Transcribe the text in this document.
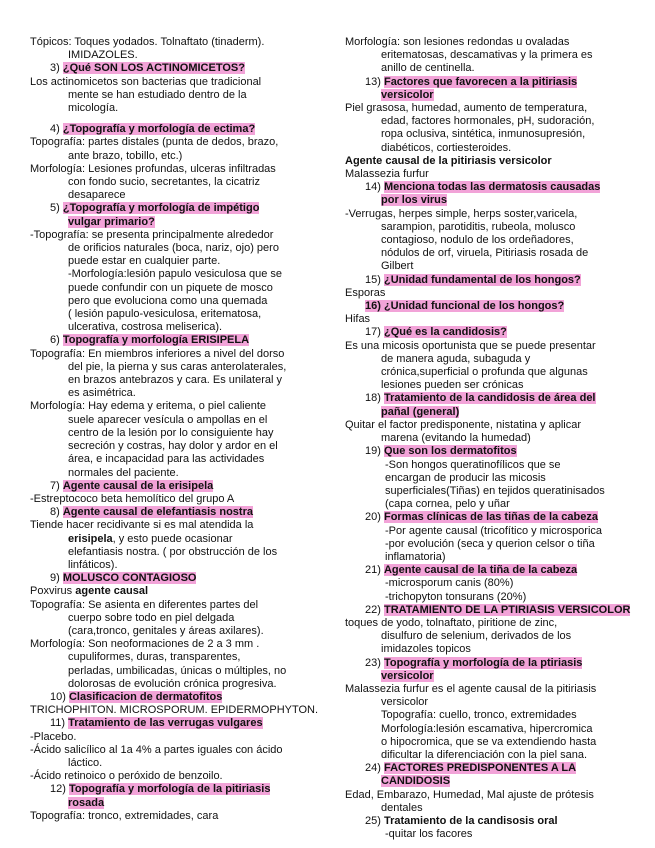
Tópicos: Toques yodados. Tolnaftato (tinaderm).
IMIDAZOLES.
3) ¿Qué SON LOS ACTINOMICETOS?
Los actinomicetos son bacterias que tradicional
mente se han estudiado dentro de la
micología.
4) ¿Topografía y morfología de ectima?
Topografía: partes distales (punta de dedos, brazo,
ante brazo, tobillo, etc.)
Morfología: Lesiones profundas, ulceras infiltradas
con fondo sucio, secretantes, la cicatriz
desaparece
5) ¿Topografía y morfología de impétigo
vulgar primario?
-Topografía: se presenta principalmente alrededor
de orificios naturales (boca, nariz, ojo) pero
puede estar en cualquier parte.
-Morfología:lesión papulo vesiculosa que se
puede confundir con un piquete de mosco
pero que evoluciona como una quemada
( lesión papulo-vesiculosa, eritematosa,
ulcerativa, costrosa meliserica).
6) Topografía y morfología ERISIPELA
Topografía: En miembros inferiores a nivel del dorso
del pie, la pierna y sus caras anterolaterales,
en brazos antebrazos y cara. Es unilateral y
es asimétrica.
Morfología: Hay edema y eritema, o piel caliente
suele aparecer vesícula o ampollas en el
centro de la lesión por lo consiguiente hay
secreción y costras, hay dolor y ardor en el
área, e incapacidad para las actividades
normales del paciente.
7) Agente causal de la erisipela
-Estreptococo beta hemolítico del grupo A
8) Agente causal de elefantiasis nostra
Tiende hacer recidivante si es mal atendida la
erisipela, y esto puede ocasionar
elefantiasis nostra. ( por obstrucción de los
linfáticos).
9) MOLUSCO CONTAGIOSO
Poxvirus agente causal
Topografía: Se asienta en diferentes partes del
cuerpo sobre todo en piel delgada
(cara,tronco, genitales y áreas axilares).
Morfología: Son neoformaciones de 2 a 3 mm .
cupuliformes, duras, transparentes,
perladas, umbilicadas, únicas o múltiples, no
dolorosas de evolución crónica progresiva.
10) Clasificacion de dermatofitos
TRICHOPHITON. MICROSPORUM. EPIDERMOPHYTON.
11) Tratamiento de las verrugas vulgares
-Placebo.
-Ácido salicílico al 1a 4% a partes iguales con ácido
láctico.
-Ácido retinoico o peróxido de benzoilo.
12) Topografía y morfología de la pitiriasis
rosada
Topografía: tronco, extremidades, cara
Morfología: son lesiones redondas u ovaladas
eritematosas, descamativas y la primera es
anillo de centinella.
13) Factores que favorecen a la pitiriasis
versicolor
Piel grasosa, humedad, aumento de temperatura,
edad, factores hormonales, pH, sudoración,
ropa oclusiva, sintética, inmunosupresión,
diabéticos, cortiesteroides.
Agente causal de la pitiriasis versicolor
Malassezia furfur
14) Menciona todas las dermatosis causadas
por los virus
-Verrugas, herpes simple, herps soster,varicela,
sarampion, parotiditis, rubeola, molusco
contagioso, nodulo de los ordeñadores,
nódulos de orf, viruela, Pitiriasis rosada de
Gilbert
15) ¿Unidad fundamental de los hongos?
Esporas
16) ¿Unidad funcional de los hongos?
Hifas
17) ¿Qué es la candidosis?
Es una micosis oportunista que se puede presentar
de manera aguda, subaguda y
crónica,superficial o profunda que algunas
lesiones pueden ser crónicas
18) Tratamiento de la candidosis de área del
pañal (general)
Quitar el factor predisponente, nistatina y aplicar
marena (evitando la humedad)
19) Que son los dermatofitos
-Son hongos queratinofílicos que se
encargan de producir las micosis
superficiales(Tiñas) en tejidos queratinisados
(capa cornea, pelo y uñar
20) Formas clínicas de las tiñas de la cabeza
-Por agente causal (tricofítico y microsporica
-por evolución (seca y querion celsor o tiña
inflamatoria)
21) Agente causal de la tiña de la cabeza
-microsporum canis (80%)
-trichopyton tonsurans (20%)
22) TRATAMIENTO DE LA PTIRIASIS VERSICOLOR
toques de yodo, tolnaftato, piritione de zinc,
disulfuro de selenium, derivados de los
imidazoles topicos
23) Topografía y morfología de la ptiriasis
versicolor
Malassezia furfur es el agente causal de la pitiriasis
versicolor
Topografía: cuello, tronco, extremidades
Morfología:lesión escamativa, hipercromica
o hipocromica, que se va extendiendo hasta
dificultar la diferenciación con la piel sana.
24) FACTORES PREDISPONENTES A LA
CANDIDOSIS
Edad, Embarazo, Humedad, Mal ajuste de prótesis
dentales
25) Tratamiento de la candisosis oral
-quitar los facores
